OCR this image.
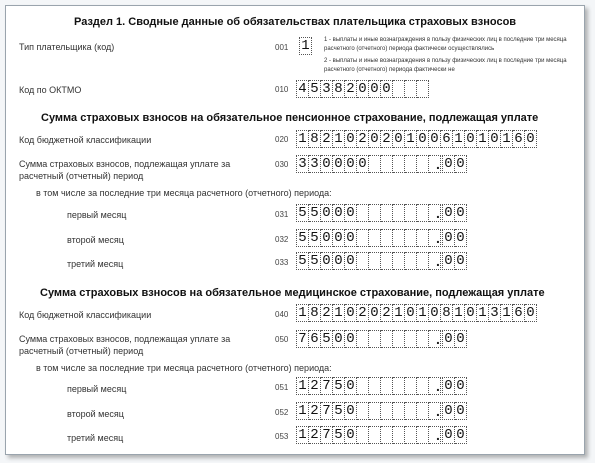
Раздел 1. Сводные данные об обязательствах плательщика страховых взносов
Тип плательщика (код)	001 1	1 - выплаты и иные вознаграждения в пользу физических лиц в последние три месяца расчетного (отчетного) периода фактически осуществлялись
2 - выплаты и иные вознаграждения в пользу физических лиц в последние три месяца расчетного (отчетного) периода фактически не
Код по ОКТМО	010 4 5 3 8 2 0 0 0
Сумма страховых взносов на обязательное пенсионное страхование, подлежащая уплате
Код бюджетной классификации	020 1 8 2 1 0 2 0 2 0 1 0 0 6 1 0 1 0 1 6 0
Сумма страховых взносов, подлежащая уплате за
расчетный (отчетный) период
030 3 3 0 0 0 0	. 0 0
в том числе за последние три месяца расчетного (отчетного) периода:
первый месяц	031 5 5 0 0 0	. 0 0
второй месяц	032 5 5 0 0 0	. 0 0
третий месяц	033 5 5 0 0 0	. 0 0
Сумма страховых взносов на обязательное медицинское страхование, подлежащая уплате
Код бюджетной классификации	040 1 8 2 1 0 2 0 2 1 0 1 0 8 1 0 1 3 1 6 0
Сумма страховых взносов, подлежащая уплате за
расчетный (отчетный) период
050 7 6 5 0 0	. 0 0
в том числе за последние три месяца расчетного (отчетного) периода:
первый месяц	051 1 2 7 5 0	. 0 0
второй месяц	052 1 2 7 5 0	. 0 0
третий месяц	053 1 2 7 5 0	. 0 0
